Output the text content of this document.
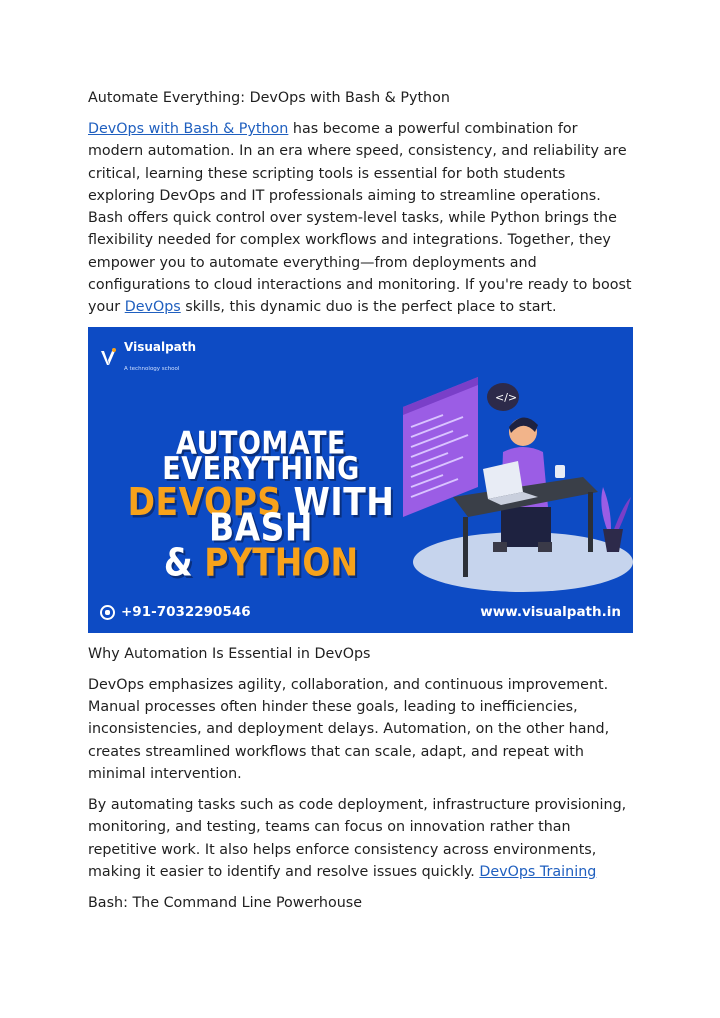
Automate Everything: DevOps with Bash & Python

DevOps with Bash & Python has become a powerful combination for modern automation. In an era where speed, consistency, and reliability are critical, learning these scripting tools is essential for both students exploring DevOps and IT professionals aiming to streamline operations. Bash offers quick control over system-level tasks, while Python brings the flexibility needed for complex workflows and integrations. Together, they empower you to automate everything—from deployments and configurations to cloud interactions and monitoring. If you're ready to boost your DevOps skills, this dynamic duo is the perfect place to start.

Visualpath
A technology school
AUTOMATE EVERYTHING
DEVOPS WITH BASH
& PYTHON
</>
+91-7032290546	www.visualpath.in
Why Automation Is Essential in DevOps

DevOps emphasizes agility, collaboration, and continuous improvement. Manual processes often hinder these goals, leading to inefficiencies, inconsistencies, and deployment delays. Automation, on the other hand, creates streamlined workflows that can scale, adapt, and repeat with minimal intervention.

By automating tasks such as code deployment, infrastructure provisioning, monitoring, and testing, teams can focus on innovation rather than repetitive work. It also helps enforce consistency across environments, making it easier to identify and resolve issues quickly. DevOps Training

Bash: The Command Line Powerhouse
